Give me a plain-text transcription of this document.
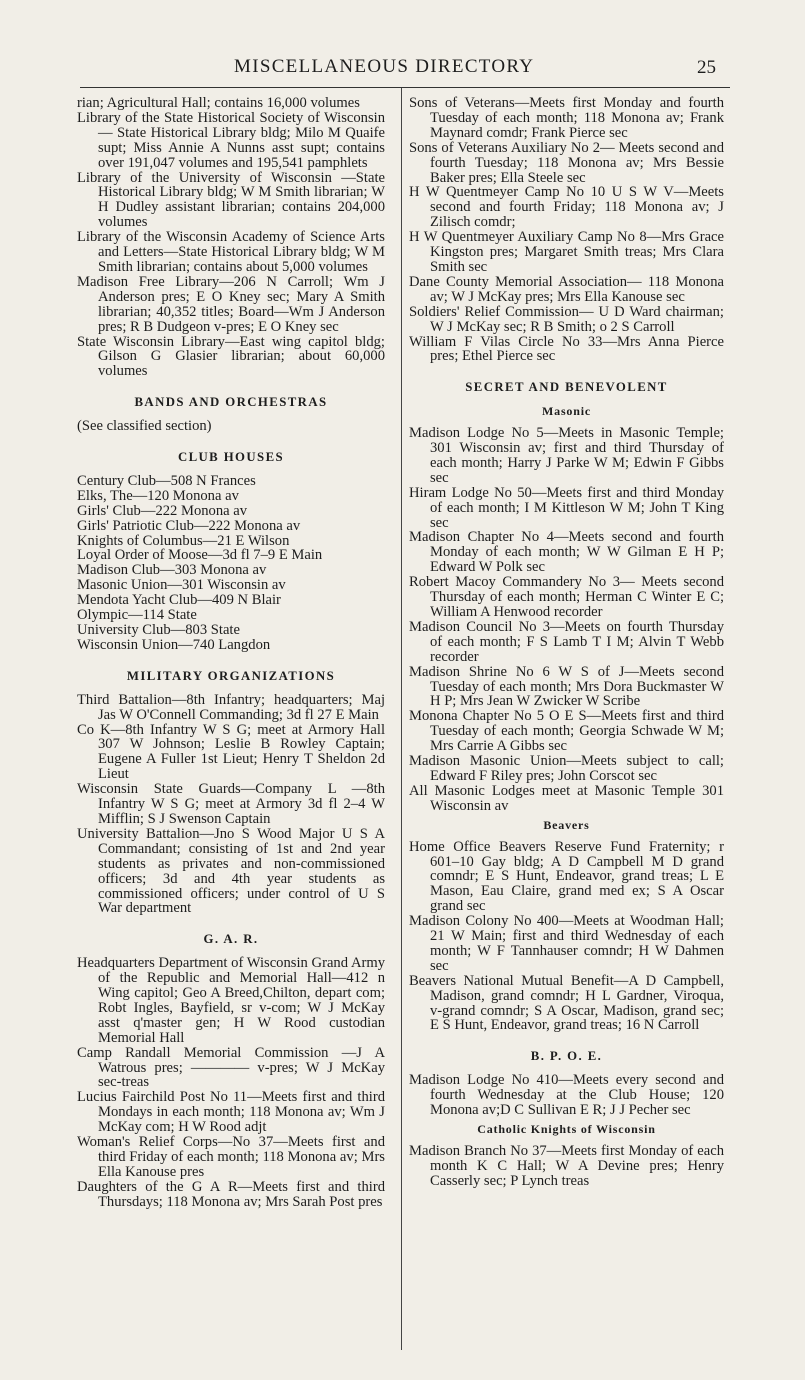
MISCELLANEOUS DIRECTORY	25
rian; Agricultural Hall; contains 16,000 volumes
Library of the State Historical Society of Wisconsin — State Historical Library bldg; Milo M Quaife supt; Miss Annie A Nunns asst supt; contains over 191,047 volumes and 195,541 pamphlets
Library of the University of Wisconsin —State Historical Library bldg; W M Smith librarian; W H Dudley assistant librarian; contains 204,000 volumes
Library of the Wisconsin Academy of Science Arts and Letters—State Historical Library bldg; W M Smith librarian; contains about 5,000 volumes
Madison Free Library—206 N Carroll; Wm J Anderson pres; E O Kney sec; Mary A Smith librarian; 40,352 titles; Board—Wm J Anderson pres; R B Dudgeon v-pres; E O Kney sec
State Wisconsin Library—East wing capitol bldg; Gilson G Glasier librarian; about 60,000 volumes
BANDS AND ORCHESTRAS
(See classified section)
CLUB HOUSES
Century Club—508 N Frances
Elks, The—120 Monona av
Girls' Club—222 Monona av
Girls' Patriotic Club—222 Monona av
Knights of Columbus—21 E Wilson
Loyal Order of Moose—3d fl 7–9 E Main
Madison Club—303 Monona av
Masonic Union—301 Wisconsin av
Mendota Yacht Club—409 N Blair
Olympic—114 State
University Club—803 State
Wisconsin Union—740 Langdon
MILITARY ORGANIZATIONS
Third Battalion—8th Infantry; headquarters; Maj Jas W O'Connell Commanding; 3d fl 27 E Main
Co K—8th Infantry W S G; meet at Armory Hall 307 W Johnson; Leslie B Rowley Captain; Eugene A Fuller 1st Lieut; Henry T Sheldon 2d Lieut
Wisconsin State Guards—Company L —8th Infantry W S G; meet at Armory 3d fl 2–4 W Mifflin; S J Swenson Captain
University Battalion—Jno S Wood Major U S A Commandant; consisting of 1st and 2nd year students as privates and non-commissioned officers; 3d and 4th year students as commissioned officers; under control of U S War department
G. A. R.
Headquarters Department of Wisconsin Grand Army of the Republic and Memorial Hall—412 n Wing capitol; Geo A Breed,Chilton, depart com; Robt Ingles, Bayfield, sr v-com; W J McKay asst q'master gen; H W Rood custodian Memorial Hall
Camp Randall Memorial Commission —J A Watrous pres; ———— v-pres; W J McKay sec-treas
Lucius Fairchild Post No 11—Meets first and third Mondays in each month; 118 Monona av; Wm J McKay com; H W Rood adjt
Woman's Relief Corps—No 37—Meets first and third Friday of each month; 118 Monona av; Mrs Ella Kanouse pres
Daughters of the G A R—Meets first and third Thursdays; 118 Monona av; Mrs Sarah Post pres
Sons of Veterans—Meets first Monday and fourth Tuesday of each month; 118 Monona av; Frank Maynard comdr; Frank Pierce sec
Sons of Veterans Auxiliary No 2— Meets second and fourth Tuesday; 118 Monona av; Mrs Bessie Baker pres; Ella Steele sec
H W Quentmeyer Camp No 10 U S W V—Meets second and fourth Friday; 118 Monona av; J Zilisch comdr;
H W Quentmeyer Auxiliary Camp No 8—Mrs Grace Kingston pres; Margaret Smith treas; Mrs Clara Smith sec
Dane County Memorial Association— 118 Monona av; W J McKay pres; Mrs Ella Kanouse sec
Soldiers' Relief Commission— U D Ward chairman; W J McKay sec; R B Smith; o 2 S Carroll
William F Vilas Circle No 33—Mrs Anna Pierce pres; Ethel Pierce sec
SECRET AND BENEVOLENT
Masonic
Madison Lodge No 5—Meets in Masonic Temple; 301 Wisconsin av; first and third Thursday of each month; Harry J Parke W M; Edwin F Gibbs sec
Hiram Lodge No 50—Meets first and third Monday of each month; I M Kittleson W M; John T King sec
Madison Chapter No 4—Meets second and fourth Monday of each month; W W Gilman E H P; Edward W Polk sec
Robert Macoy Commandery No 3— Meets second Thursday of each month; Herman C Winter E C; William A Henwood recorder
Madison Council No 3—Meets on fourth Thursday of each month; F S Lamb T I M; Alvin T Webb recorder
Madison Shrine No 6 W S of J—Meets second Tuesday of each month; Mrs Dora Buckmaster W H P; Mrs Jean W Zwicker W Scribe
Monona Chapter No 5 O E S—Meets first and third Tuesday of each month; Georgia Schwade W M; Mrs Carrie A Gibbs sec
Madison Masonic Union—Meets subject to call; Edward F Riley pres; John Corscot sec
All Masonic Lodges meet at Masonic Temple 301 Wisconsin av
Beavers
Home Office Beavers Reserve Fund Fraternity; r 601–10 Gay bldg; A D Campbell M D grand comndr; E S Hunt, Endeavor, grand treas; L E Mason, Eau Claire, grand med ex; S A Oscar grand sec
Madison Colony No 400—Meets at Woodman Hall; 21 W Main; first and third Wednesday of each month; W F Tannhauser comndr; H W Dahmen sec
Beavers National Mutual Benefit—A D Campbell, Madison, grand comndr; H L Gardner, Viroqua, v-grand comndr; S A Oscar, Madison, grand sec; E S Hunt, Endeavor, grand treas; 16 N Carroll
B. P. O. E.
Madison Lodge No 410—Meets every second and fourth Wednesday at the Club House; 120 Monona av;D C Sullivan E R; J J Pecher sec
Catholic Knights of Wisconsin
Madison Branch No 37—Meets first Monday of each month K C Hall; W A Devine pres; Henry Casserly sec; P Lynch treas
